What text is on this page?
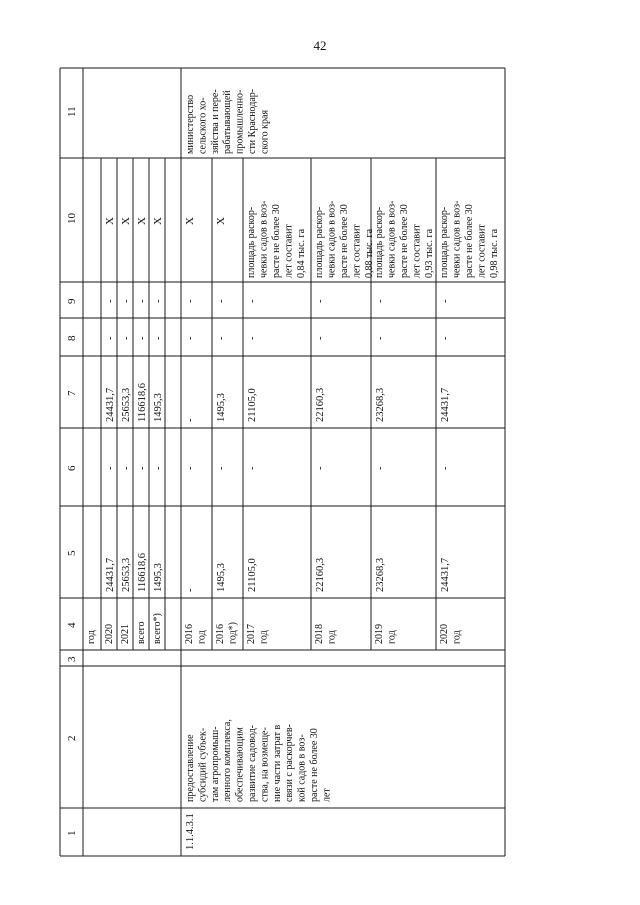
42
1
2
3
4
5
6
7
8
9
10
11
год 2020
24431,7
-
24431,7
-
-
Х
2021
25653,3
-
25653,3
-
-
Х
всего
116618,6
-
116618,6
-
-
Х
всего*)
1495,3
-
1495,3
-
-
Х
2016 год
-
-
-
-
-
Х
2016 год*)
1495,3
-
1495,3
-
-
Х
2017 год
21105,0
-
21105,0
-
-
площадь раскор- чевки садов в воз- расте не более 30 лет составит 0,84 тыс. га
2018 год
22160,3
-
22160,3
-
-
площадь раскор- чевки садов в воз- расте не более 30 лет составит 0,88 тыс. га
2019 год
23268,3
-
23268,3
-
-
площадь раскор- чевки садов в воз- расте не более 30 лет составит 0,93 тыс. га
2020 год
24431,7
-
24431,7
-
-
площадь раскор- чевки садов в воз- расте не более 30 лет составит 0,98 тыс. га
1.1.4.3.1
предоставление субсидий субъек- там агропромыш- ленного комплекса, обеспечивающим развитие садовод- ства, на возмеще- ние части затрат в связи с раскорчев- кой садов в воз- расте не более 30 лет
министерство сельского хо- зяйства и пере- рабатывающей промышленно- сти Краснодар- ского края
